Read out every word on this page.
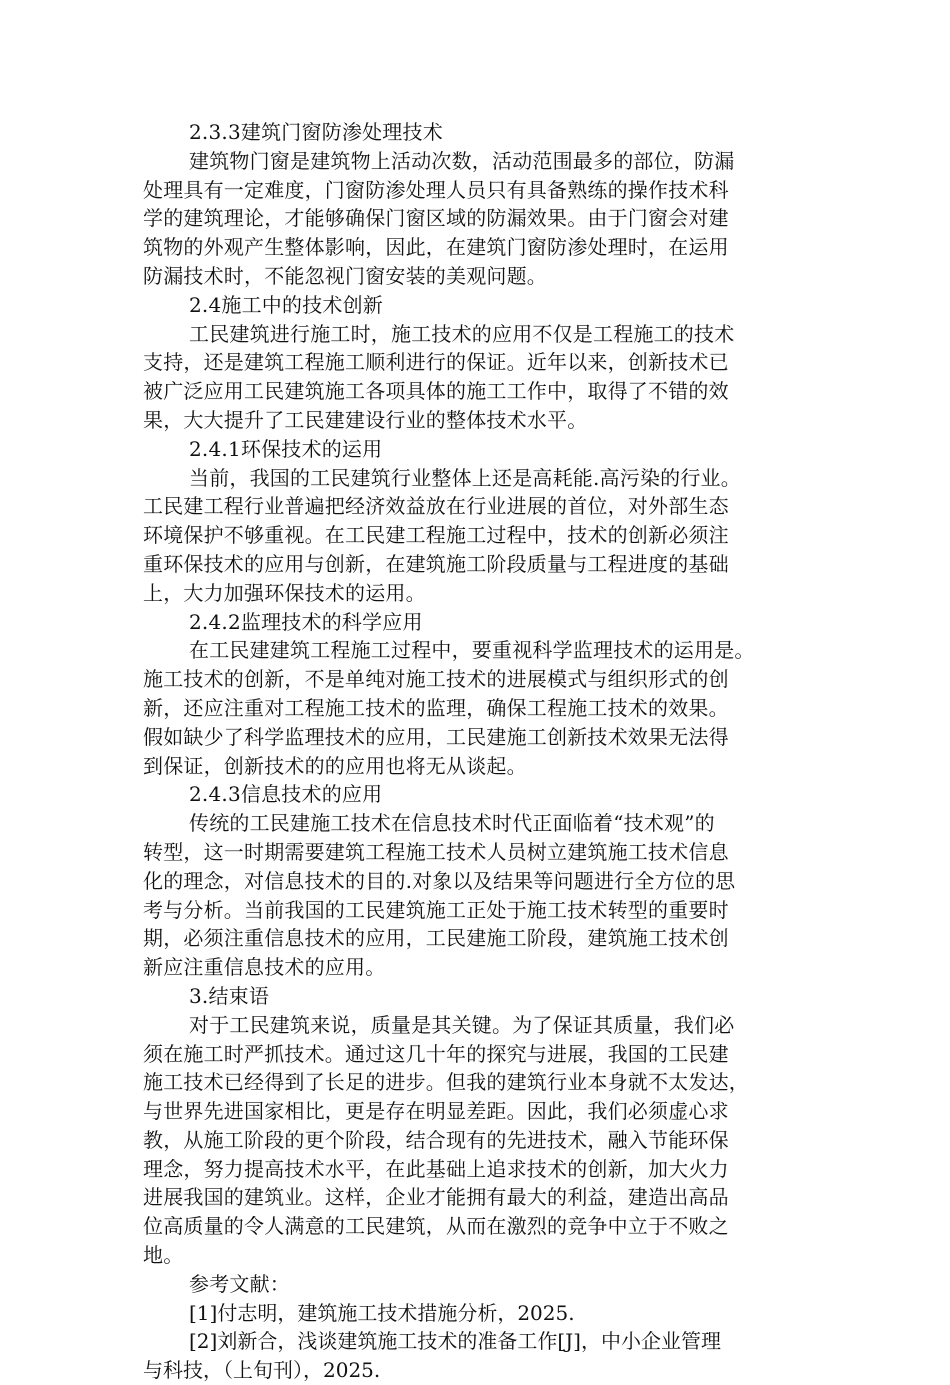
2.3.3建筑门窗防渗处理技术
建筑物门窗是建筑物上活动次数，活动范围最多的部位，防漏
处理具有一定难度，门窗防渗处理人员只有具备熟练的操作技术科
学的建筑理论，才能够确保门窗区域的防漏效果。由于门窗会对建
筑物的外观产生整体影响，因此，在建筑门窗防渗处理时，在运用
防漏技术时，不能忽视门窗安装的美观问题。
2.4施工中的技术创新
工民建筑进行施工时，施工技术的应用不仅是工程施工的技术
支持，还是建筑工程施工顺利进行的保证。近年以来，创新技术已
被广泛应用工民建筑施工各项具体的施工工作中，取得了不错的效
果，大大提升了工民建建设行业的整体技术水平。
2.4.1环保技术的运用
当前，我国的工民建筑行业整体上还是高耗能.高污染的行业。
工民建工程行业普遍把经济效益放在行业进展的首位，对外部生态
环境保护不够重视。在工民建工程施工过程中，技术的创新必须注
重环保技术的应用与创新，在建筑施工阶段质量与工程进度的基础
上，大力加强环保技术的运用。
2.4.2监理技术的科学应用
在工民建建筑工程施工过程中，要重视科学监理技术的运用是。
施工技术的创新，不是单纯对施工技术的进展模式与组织形式的创
新，还应注重对工程施工技术的监理，确保工程施工技术的效果。
假如缺少了科学监理技术的应用，工民建施工创新技术效果无法得
到保证，创新技术的的应用也将无从谈起。
2.4.3信息技术的应用
传统的工民建施工技术在信息技术时代正面临着“技术观”的
转型，这一时期需要建筑工程施工技术人员树立建筑施工技术信息
化的理念，对信息技术的目的.对象以及结果等问题进行全方位的思
考与分析。当前我国的工民建筑施工正处于施工技术转型的重要时
期，必须注重信息技术的应用，工民建施工阶段，建筑施工技术创
新应注重信息技术的应用。
3.结束语
对于工民建筑来说，质量是其关键。为了保证其质量，我们必
须在施工时严抓技术。通过这几十年的探究与进展，我国的工民建
施工技术已经得到了长足的进步。但我的建筑行业本身就不太发达，
与世界先进国家相比，更是存在明显差距。因此，我们必须虚心求
教，从施工阶段的更个阶段，结合现有的先进技术，融入节能环保
理念，努力提高技术水平，在此基础上追求技术的创新，加大火力
进展我国的建筑业。这样，企业才能拥有最大的利益，建造出高品
位高质量的令人满意的工民建筑，从而在激烈的竞争中立于不败之
地。
参考文献：
[1]付志明，建筑施工技术措施分析，2025.
[2]刘新合，浅谈建筑施工技术的准备工作[J]，中小企业管理
与科技，（上旬刊），2025.
